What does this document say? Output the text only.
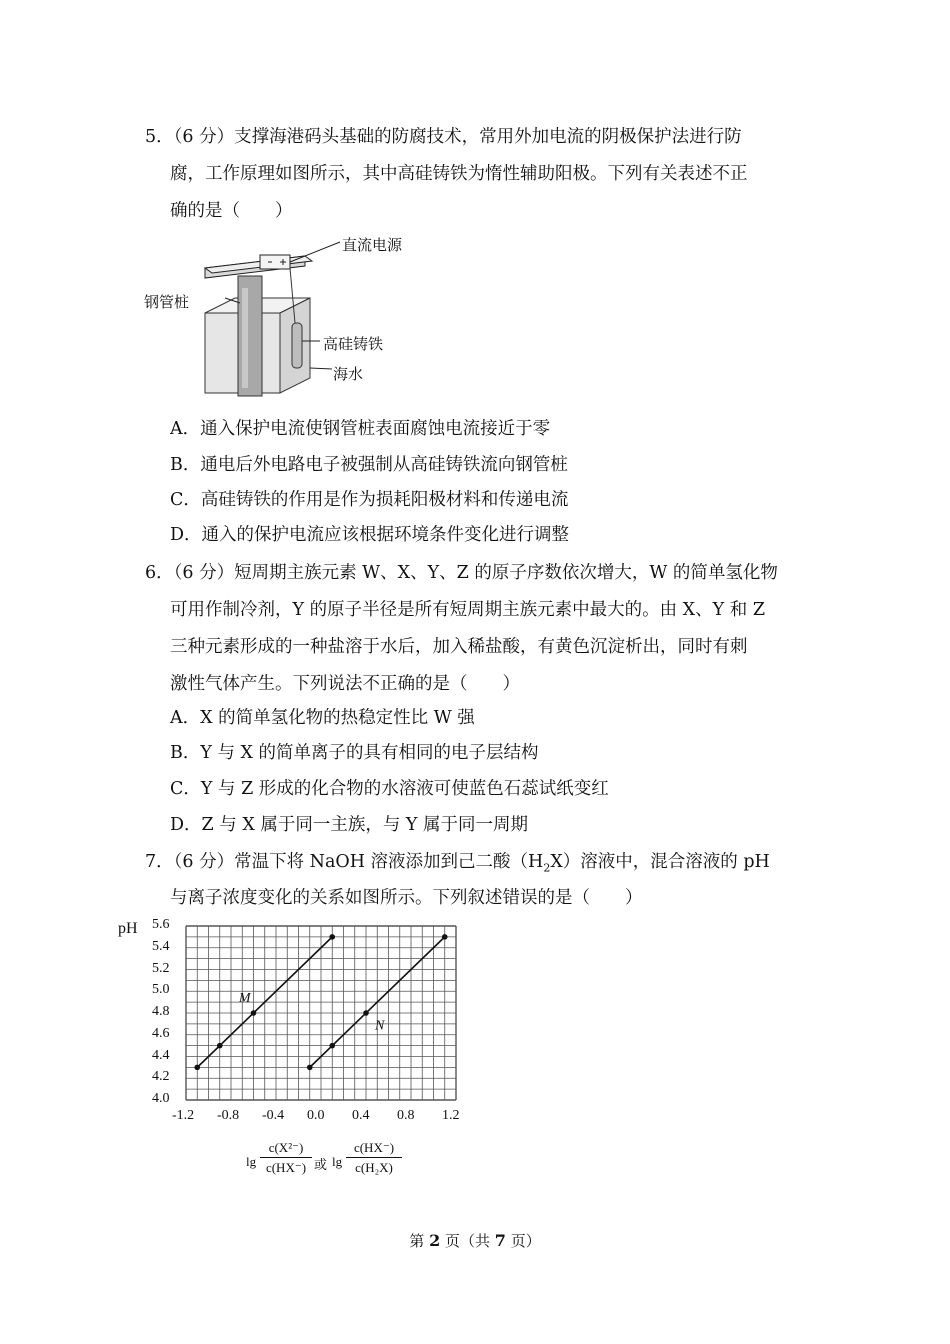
5．（6 分）支撑海港码头基础的防腐技术，常用外加电流的阴极保护法进行防
腐，工作原理如图所示，其中高硅铸铁为惰性辅助阳极。下列有关表述不正
确的是（　　）
直流电源
钢管桩
高硅铸铁
海水
A．通入保护电流使钢管桩表面腐蚀电流接近于零
B．通电后外电路电子被强制从高硅铸铁流向钢管桩
C．高硅铸铁的作用是作为损耗阳极材料和传递电流
D．通入的保护电流应该根据环境条件变化进行调整
6．（6 分）短周期主族元素 W、X、Y、Z 的原子序数依次增大，W 的简单氢化物
可用作制冷剂，Y 的原子半径是所有短周期主族元素中最大的。由 X、Y 和 Z
三种元素形成的一种盐溶于水后，加入稀盐酸，有黄色沉淀析出，同时有刺
激性气体产生。下列说法不正确的是（　　）
A．X 的简单氢化物的热稳定性比 W 强
B．Y 与 X 的简单离子的具有相同的电子层结构
C．Y 与 Z 形成的化合物的水溶液可使蓝色石蕊试纸变红
D．Z 与 X 属于同一主族，与 Y 属于同一周期
7．（6 分）常温下将 NaOH 溶液添加到己二酸$(H_2X)$溶液中，混合溶液的 pH
与离子浓度变化的关系如图所示。下列叙述错误的是（　　）
pH
M
N
5.6
5.4
5.2
5.0
4.8
4.6
4.4
4.2
4.0
-1.2 -0.8 -0.4 0.0 0.4 0.8 1.2
lg
c(X²⁻)
c(HX⁻) 或 lg
c(HX⁻)
c(H₂X)
第 2 页（共 7 页）
